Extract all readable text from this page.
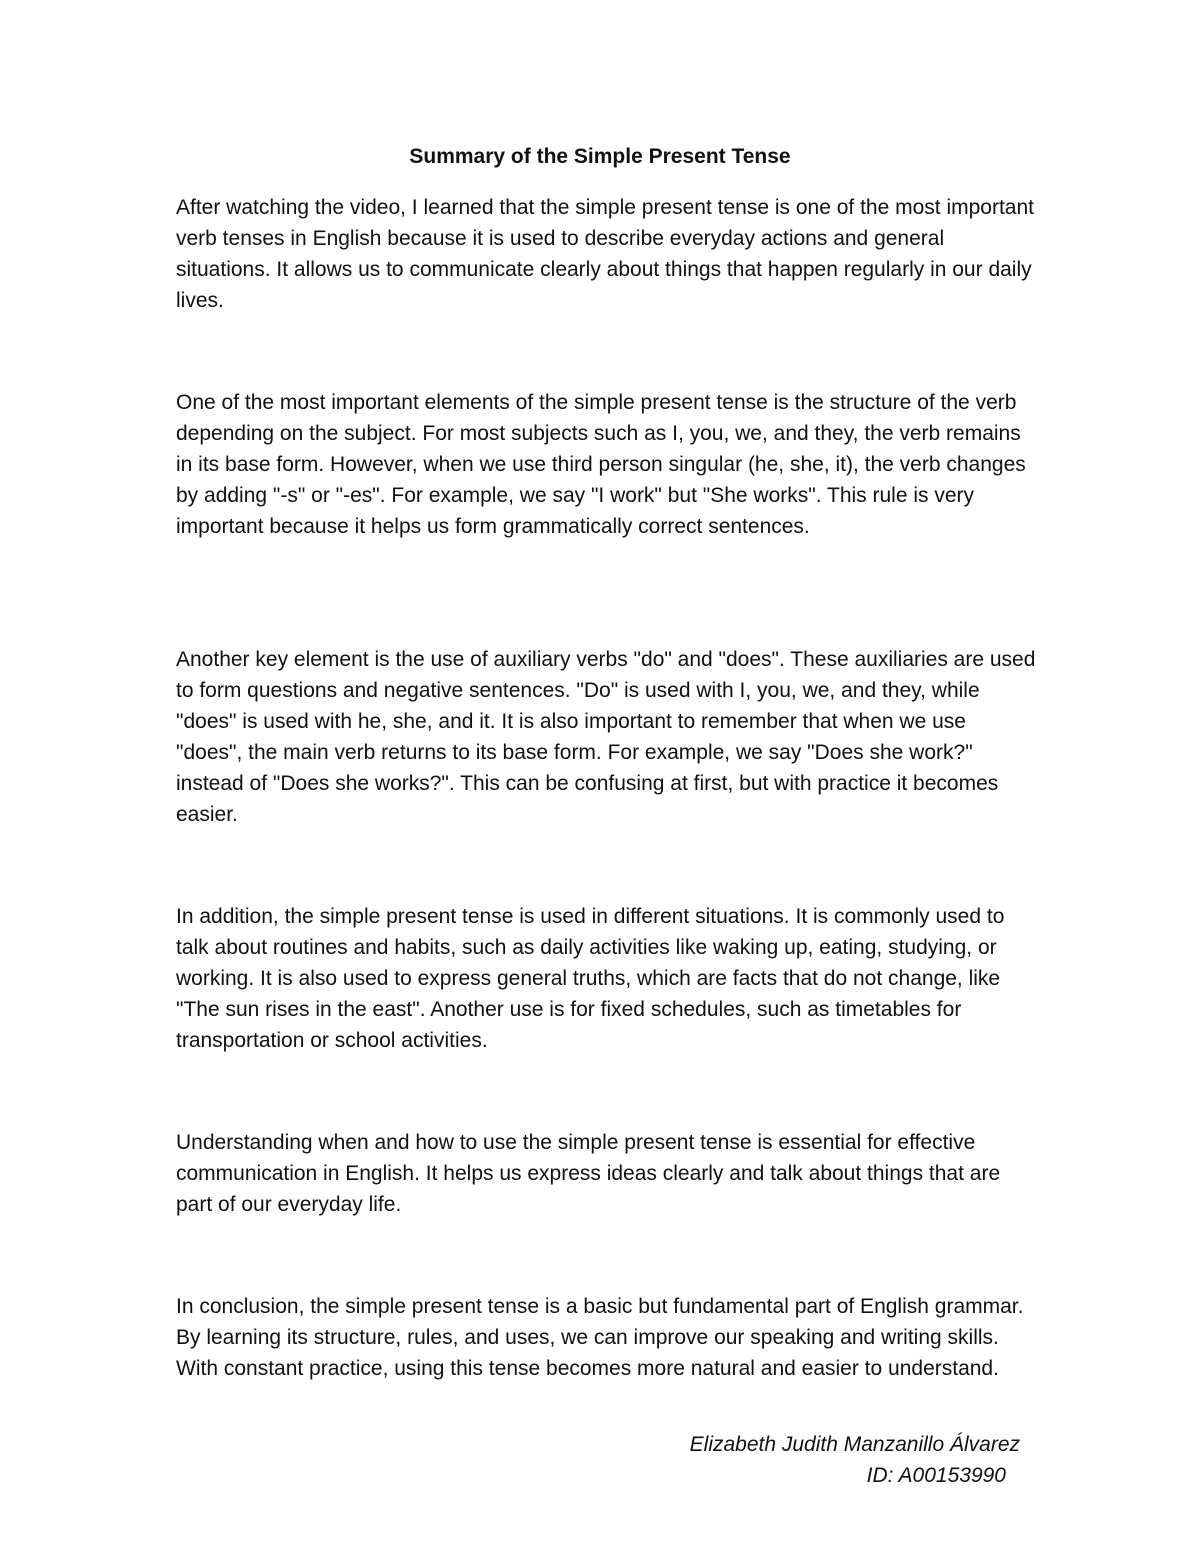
Summary of the Simple Present Tense

After watching the video, I learned that the simple present tense is one of the most important verb tenses in English because it is used to describe everyday actions and general situations. It allows us to communicate clearly about things that happen regularly in our daily lives.

One of the most important elements of the simple present tense is the structure of the verb depending on the subject. For most subjects such as I, you, we, and they, the verb remains in its base form. However, when we use third person singular (he, she, it), the verb changes by adding "-s" or "-es". For example, we say "I work" but "She works". This rule is very important because it helps us form grammatically correct sentences.

Another key element is the use of auxiliary verbs "do" and "does". These auxiliaries are used to form questions and negative sentences. "Do" is used with I, you, we, and they, while "does" is used with he, she, and it. It is also important to remember that when we use "does", the main verb returns to its base form. For example, we say "Does she work?" instead of "Does she works?". This can be confusing at first, but with practice it becomes easier.

In addition, the simple present tense is used in different situations. It is commonly used to talk about routines and habits, such as daily activities like waking up, eating, studying, or working. It is also used to express general truths, which are facts that do not change, like "The sun rises in the east". Another use is for fixed schedules, such as timetables for transportation or school activities.

Understanding when and how to use the simple present tense is essential for effective communication in English. It helps us express ideas clearly and talk about things that are part of our everyday life.

In conclusion, the simple present tense is a basic but fundamental part of English grammar. By learning its structure, rules, and uses, we can improve our speaking and writing skills. With constant practice, using this tense becomes more natural and easier to understand.

Elizabeth Judith Manzanillo Álvarez
ID: A00153990
